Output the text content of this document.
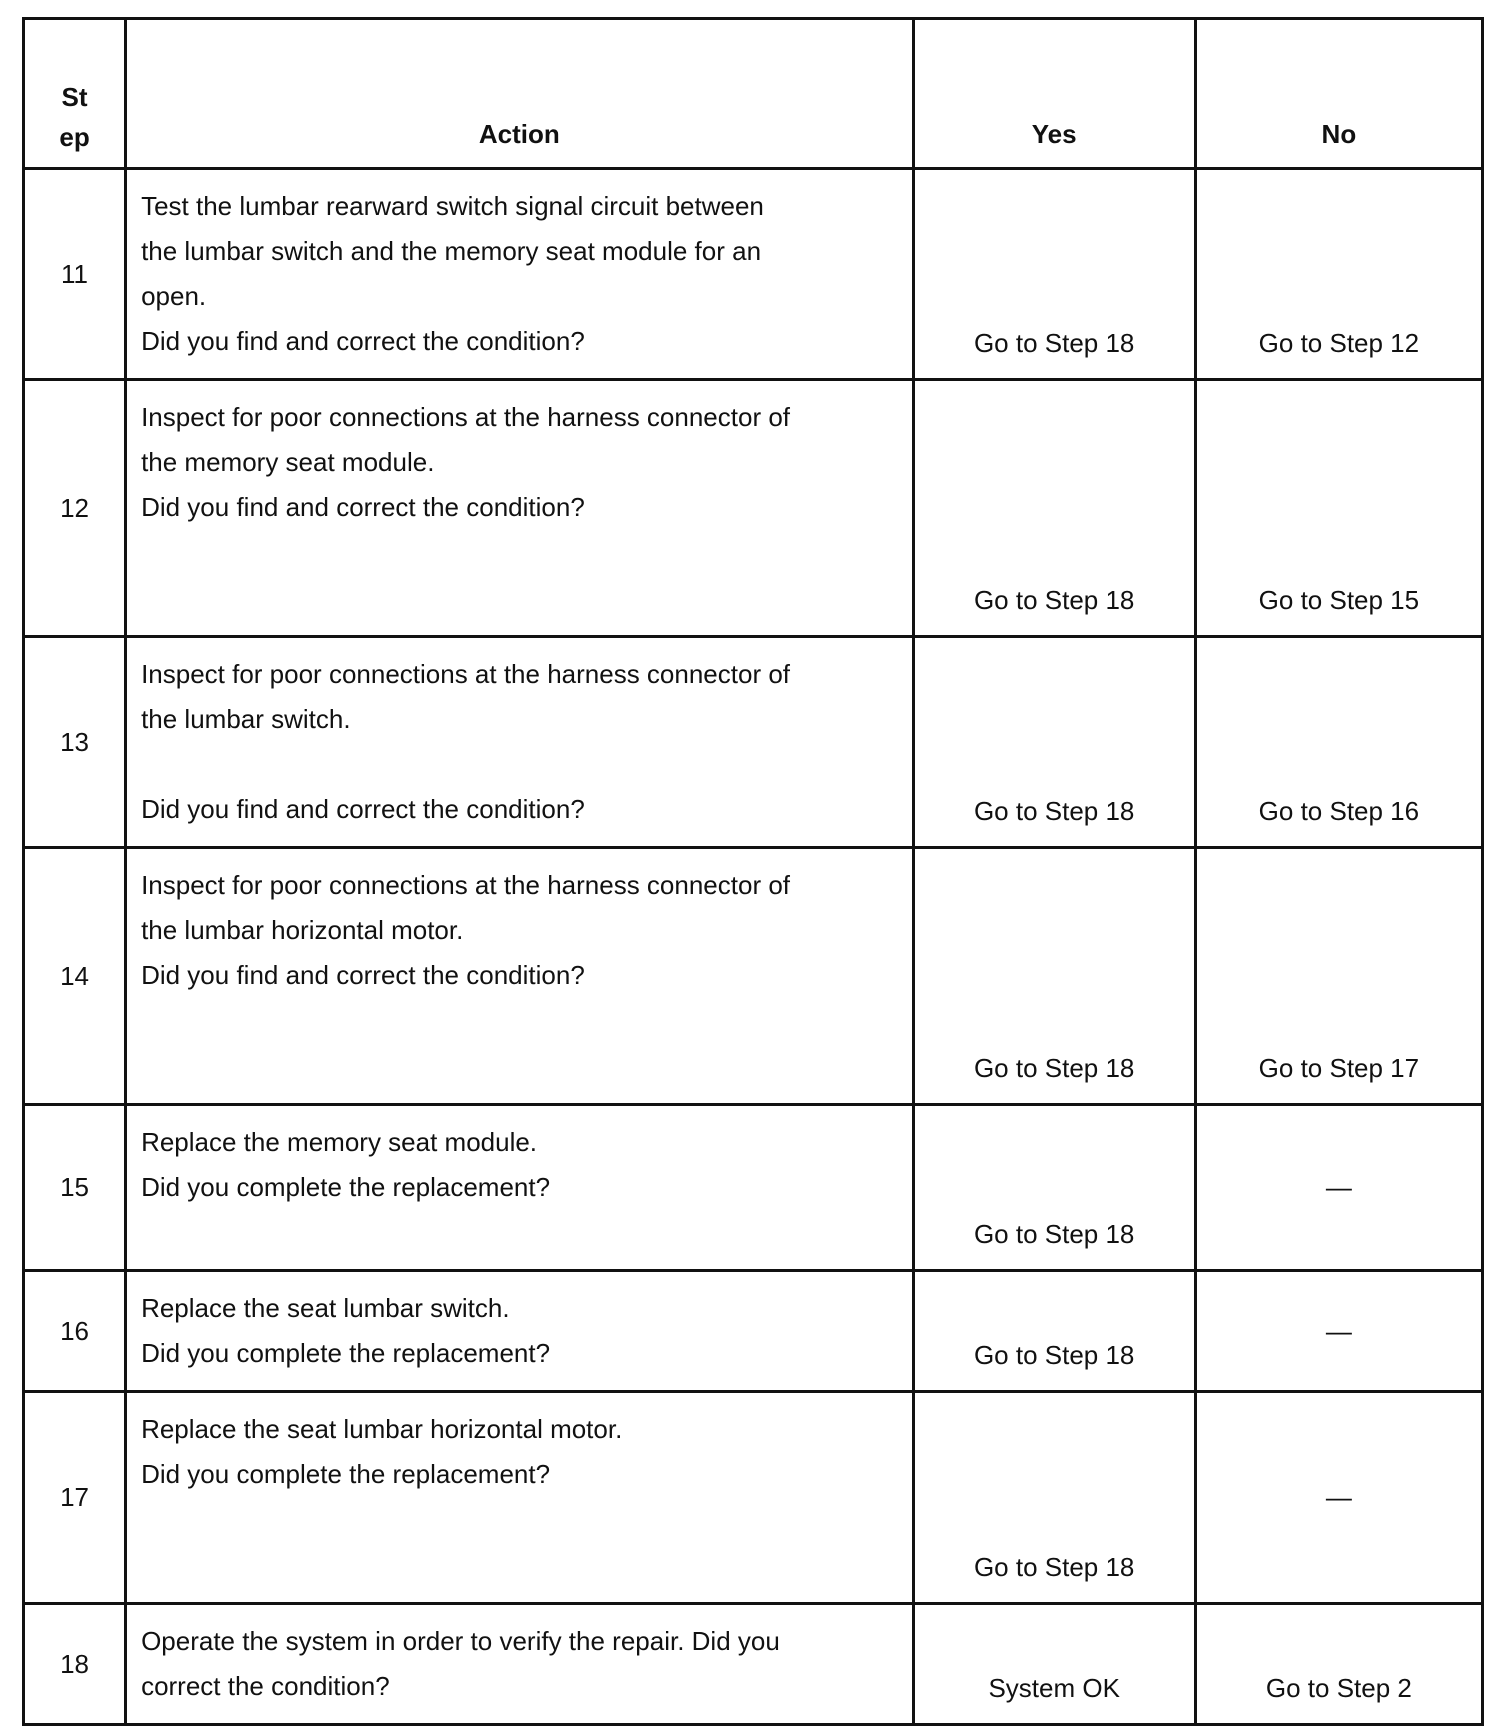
St
ep	Action	Yes	No
11	Test the lumbar rearward switch signal circuit between
the lumbar switch and the memory seat module for an
open.
Did you find and correct the condition?	Go to Step 18	Go to Step 12
12	Inspect for poor connections at the harness connector of
the memory seat module.
Did you find and correct the condition?	Go to Step 18	Go to Step 15
13	Inspect for poor connections at the harness connector of
the lumbar switch.
Did you find and correct the condition?	Go to Step 18	Go to Step 16
14	Inspect for poor connections at the harness connector of
the lumbar horizontal motor.
Did you find and correct the condition?	Go to Step 18	Go to Step 17
15	Replace the memory seat module.
Did you complete the replacement?	Go to Step 18	—
16	Replace the seat lumbar switch.
Did you complete the replacement?	Go to Step 18	—
17	Replace the seat lumbar horizontal motor.
Did you complete the replacement?	Go to Step 18	—
18	Operate the system in order to verify the repair. Did you
correct the condition?	System OK	Go to Step 2
